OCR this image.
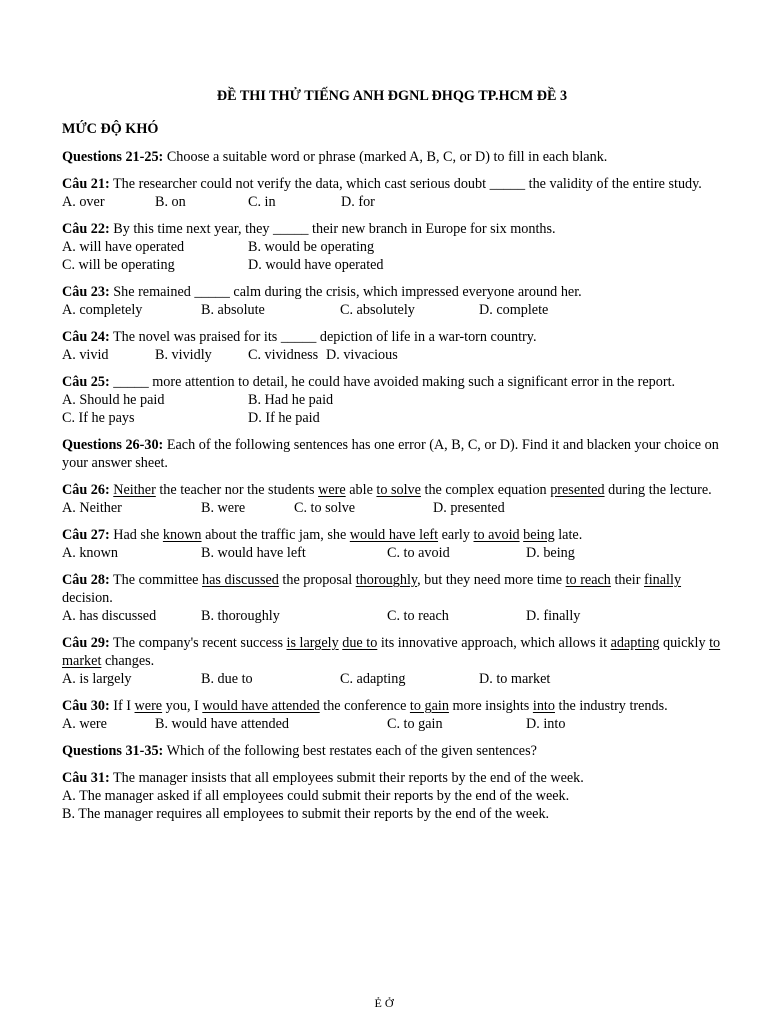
ĐỀ THI THỬ TIẾNG ANH ĐGNL ĐHQG TP.HCM ĐỀ 3
MỨC ĐỘ KHÓ
Questions 21-25: Choose a suitable word or phrase (marked A, B, C, or D) to fill in each blank.
Câu 21: The researcher could not verify the data, which cast serious doubt _____ the validity of the entire study.
A. over	B. on	C. in	D. for
Câu 22: By this time next year, they _____ their new branch in Europe for six months.
A. will have operated	B. would be operating
C. will be operating	D. would have operated
Câu 23: She remained _____ calm during the crisis, which impressed everyone around her.
A. completely	B. absolute	C. absolutely	D. complete
Câu 24: The novel was praised for its _____ depiction of life in a war-torn country.
A. vivid	B. vividly	C. vividness D. vivacious
Câu 25: _____ more attention to detail, he could have avoided making such a significant error in the report.
A. Should he paid	B. Had he paid
C. If he pays	D. If he paid
Questions 26-30: Each of the following sentences has one error (A, B, C, or D). Find it and blacken your choice on your answer sheet.
Câu 26: Neither the teacher nor the students were able to solve the complex equation presented during the lecture.
A. Neither	B. were	C. to solve	D. presented
Câu 27: Had she known about the traffic jam, she would have left early to avoid being late.
A. known	B. would have left	C. to avoid	D. being
Câu 28: The committee has discussed the proposal thoroughly, but they need more time to reach their finally decision.
A. has discussed	B. thoroughly	C. to reach	D. finally
Câu 29: The company's recent success is largely due to its innovative approach, which allows it adapting quickly to market changes.
A. is largely	B. due to	C. adapting	D. to market
Câu 30: If I were you, I would have attended the conference to gain more insights into the industry trends.
A. were	B. would have attended	C. to gain	D. into
Questions 31-35: Which of the following best restates each of the given sentences?
Câu 31: The manager insists that all employees submit their reports by the end of the week.
A. The manager asked if all employees could submit their reports by the end of the week.
B. The manager requires all employees to submit their reports by the end of the week.
Ẻ Ở
